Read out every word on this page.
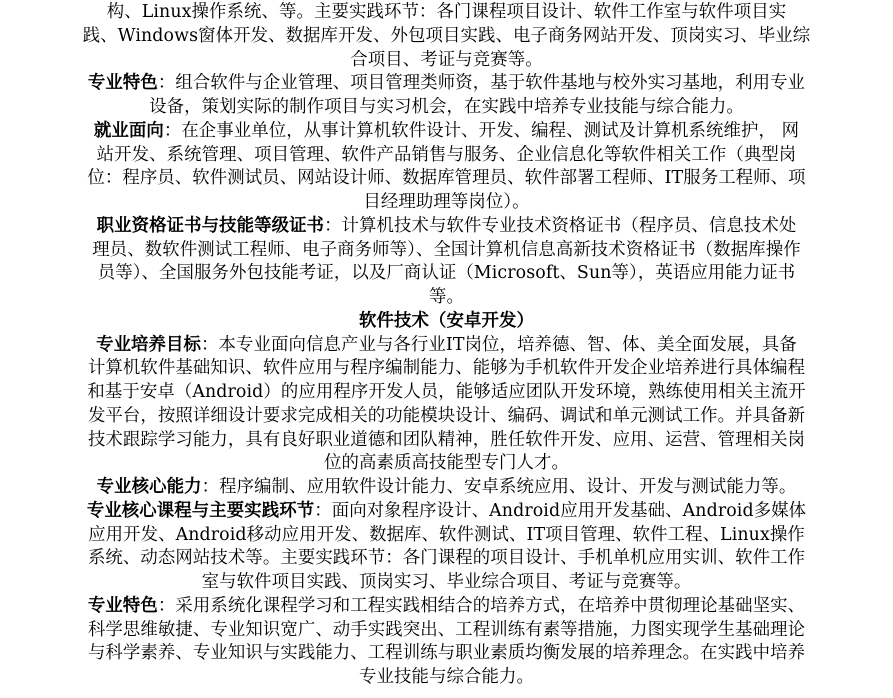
构、Linux操作系统、等。主要实践环节：各门课程项目设计、软件工作室与软件项目实
践、Windows窗体开发、数据库开发、外包项目实践、电子商务网站开发、顶岗实习、毕业综
合项目、考证与竞赛等。
专业特色：组合软件与企业管理、项目管理类师资，基于软件基地与校外实习基地，利用专业
设备，策划实际的制作项目与实习机会，在实践中培养专业技能与综合能力。
就业面向：在企事业单位，从事计算机软件设计、开发、编程、测试及计算机系统维护， 网
站开发、系统管理、项目管理、软件产品销售与服务、企业信息化等软件相关工作（典型岗
位：程序员、软件测试员、网站设计师、数据库管理员、软件部署工程师、IT服务工程师、项
目经理助理等岗位）。
职业资格证书与技能等级证书：计算机技术与软件专业技术资格证书（程序员、信息技术处
理员、数软件测试工程师、电子商务师等）、全国计算机信息高新技术资格证书（数据库操作
员等）、全国服务外包技能考证，以及厂商认证（Microsoft、Sun等），英语应用能力证书
等。
软件技术（安卓开发）
专业培养目标：本专业面向信息产业与各行业IT岗位，培养德、智、体、美全面发展，具备
计算机软件基础知识、软件应用与程序编制能力、能够为手机软件开发企业培养进行具体编程
和基于安卓（Android）的应用程序开发人员，能够适应团队开发环境，熟练使用相关主流开
发平台，按照详细设计要求完成相关的功能模块设计、编码、调试和单元测试工作。并具备新
技术跟踪学习能力，具有良好职业道德和团队精神，胜任软件开发、应用、运营、管理相关岗
位的高素质高技能型专门人才。
专业核心能力：程序编制、应用软件设计能力、安卓系统应用、设计、开发与测试能力等。
专业核心课程与主要实践环节：面向对象程序设计、Android应用开发基础、Android多媒体
应用开发、Android移动应用开发、数据库、软件测试、IT项目管理、软件工程、Linux操作
系统、动态网站技术等。主要实践环节：各门课程的项目设计、手机单机应用实训、软件工作
室与软件项目实践、顶岗实习、毕业综合项目、考证与竞赛等。
专业特色：采用系统化课程学习和工程实践相结合的培养方式，在培养中贯彻理论基础坚实、
科学思维敏捷、专业知识宽广、动手实践突出、工程训练有素等措施，力图实现学生基础理论
与科学素养、专业知识与实践能力、工程训练与职业素质均衡发展的培养理念。在实践中培养
专业技能与综合能力。
